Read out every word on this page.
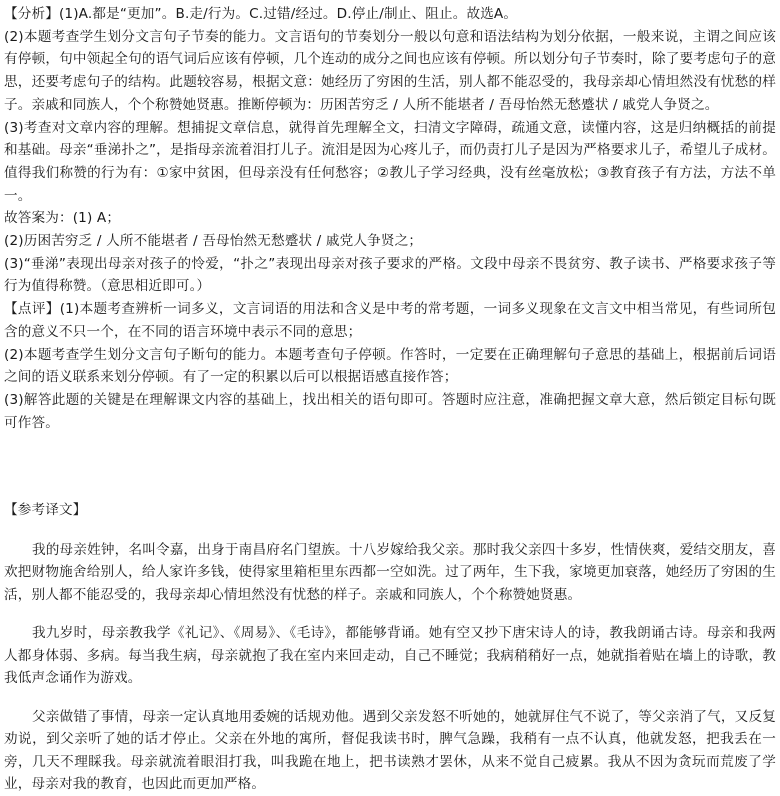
【分析】(1)A.都是“更加”。B.走/行为。C.过错/经过。D.停止/制止、阻止。故选A。

(2)本题考查学生划分文言句子节奏的能力。文言语句的节奏划分一般以句意和语法结构为划分依据，一般来说，主谓之间应该有停顿，句中领起全句的语气词后应该有停顿，几个连动的成分之间也应该有停顿。所以划分句子节奏时，除了要考虑句子的意思，还要考虑句子的结构。此题较容易，根据文意：她经历了穷困的生活，别人都不能忍受的，我母亲却心情坦然没有忧愁的样子。亲戚和同族人，个个称赞她贤惠。推断停顿为：历困苦穷乏 / 人所不能堪者 / 吾母怡然无愁蹙状 / 戚党人争贤之。

(3)考查对文章内容的理解。想捕捉文章信息，就得首先理解全文，扫清文字障碍，疏通文意，读懂内容，这是归纳概括的前提和基础。母亲“垂涕扑之”，是指母亲流着泪打儿子。流泪是因为心疼儿子，而仍责打儿子是因为严格要求儿子，希望儿子成材。值得我们称赞的行为有：①家中贫困，但母亲没有任何愁容；②教儿子学习经典，没有丝毫放松；③教育孩子有方法，方法不单一。

故答案为：(1) A；

(2)历困苦穷乏 / 人所不能堪者 / 吾母怡然无愁蹙状 / 戚党人争贤之；

(3)“垂涕”表现出母亲对孩子的怜爱，“扑之”表现出母亲对孩子要求的严格。文段中母亲不畏贫穷、教子读书、严格要求孩子等行为值得称赞。（意思相近即可。）

【点评】(1)本题考查辨析一词多义，文言词语的用法和含义是中考的常考题，一词多义现象在文言文中相当常见，有些词所包含的意义不只一个，在不同的语言环境中表示不同的意思；

(2)本题考查学生划分文言句子断句的能力。本题考查句子停顿。作答时，一定要在正确理解句子意思的基础上，根据前后词语之间的语义联系来划分停顿。有了一定的积累以后可以根据语感直接作答；

(3)解答此题的关键是在理解课文内容的基础上，找出相关的语句即可。答题时应注意，准确把握文章大意，然后锁定目标句既可作答。

【参考译文】

我的母亲姓钟，名叫令嘉，出身于南昌府名门望族。十八岁嫁给我父亲。那时我父亲四十多岁，性情侠爽，爱结交朋友，喜欢把财物施舍给别人，给人家许多钱，使得家里箱柜里东西都一空如洗。过了两年，生下我，家境更加衰落，她经历了穷困的生活，别人都不能忍受的，我母亲却心情坦然没有忧愁的样子。亲戚和同族人，个个称赞她贤惠。

我九岁时，母亲教我学《礼记》、《周易》、《毛诗》，都能够背诵。她有空又抄下唐宋诗人的诗，教我朗诵古诗。母亲和我两人都身体弱、多病。每当我生病，母亲就抱了我在室内来回走动，自己不睡觉；我病稍稍好一点，她就指着贴在墙上的诗歌，教我低声念诵作为游戏。

父亲做错了事情，母亲一定认真地用委婉的话规劝他。遇到父亲发怒不听她的，她就屏住气不说了，等父亲消了气，又反复劝说，到父亲听了她的话才停止。父亲在外地的寓所，督促我读书时，脾气急躁，我稍有一点不认真，他就发怒，把我丢在一旁，几天不理睬我。母亲就流着眼泪打我，叫我跪在地上，把书读熟才罢休，从来不觉自己疲累。我从不因为贪玩而荒废了学业，母亲对我的教育，也因此而更加严格。
